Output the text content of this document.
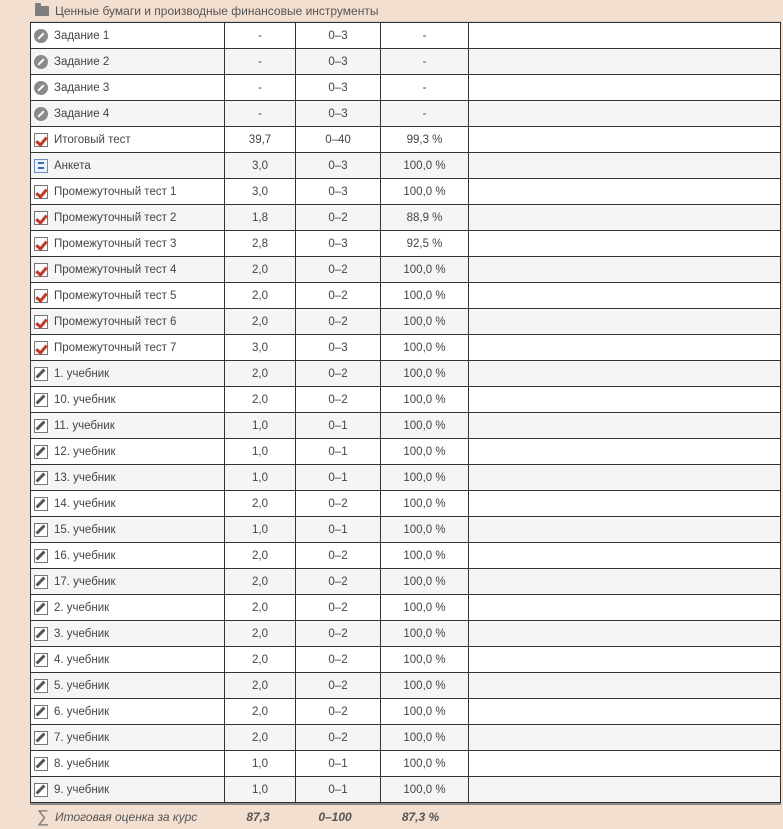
Ценные бумаги и производные финансовые инструменты
Задание 1	-	0–3	-	

Задание 2	-	0–3	-	

Задание 3	-	0–3	-	

Задание 4	-	0–3	-	

Итоговый тест	39,7	0–40	99,3 %	

Анкета	3,0	0–3	100,0 %	

Промежуточный тест 1	3,0	0–3	100,0 %	

Промежуточный тест 2	1,8	0–2	88,9 %	

Промежуточный тест 3	2,8	0–3	92,5 %	

Промежуточный тест 4	2,0	0–2	100,0 %	

Промежуточный тест 5	2,0	0–2	100,0 %	

Промежуточный тест 6	2,0	0–2	100,0 %	

Промежуточный тест 7	3,0	0–3	100,0 %	

1. учебник	2,0	0–2	100,0 %	

10. учебник	2,0	0–2	100,0 %	

11. учебник	1,0	0–1	100,0 %	

12. учебник	1,0	0–1	100,0 %	

13. учебник	1,0	0–1	100,0 %	

14. учебник	2,0	0–2	100,0 %	

15. учебник	1,0	0–1	100,0 %	

16. учебник	2,0	0–2	100,0 %	

17. учебник	2,0	0–2	100,0 %	

2. учебник	2,0	0–2	100,0 %	

3. учебник	2,0	0–2	100,0 %	

4. учебник	2,0	0–2	100,0 %	

5. учебник	2,0	0–2	100,0 %	

6. учебник	2,0	0–2	100,0 %	

7. учебник	2,0	0–2	100,0 %	

8. учебник	1,0	0–1	100,0 %	

9. учебник	1,0	0–1	100,0 %	
∑ Итоговая оценка за курс	87,3	0–100	87,3 %
